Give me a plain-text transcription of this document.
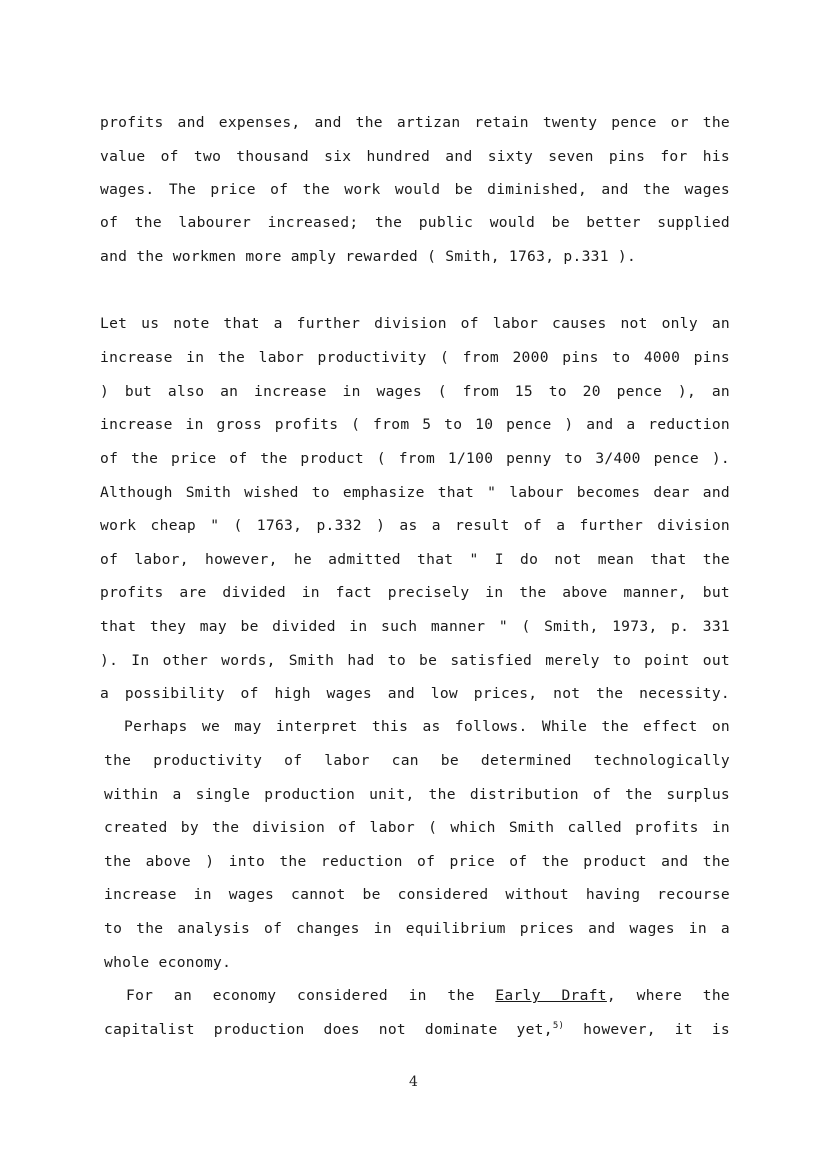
profits and expenses, and the artizan retain twenty pence or the
value of two thousand six hundred and sixty seven pins for his
wages. The price of the work would be diminished, and the wages
of the labourer increased; the public would be better supplied
and the workmen more amply rewarded ( Smith, 1763, p.331 ).
Let us note that a further division of labor causes not only an
increase in the labor productivity ( from 2000 pins to 4000 pins
) but also an increase in wages ( from 15 to 20 pence ), an
increase in gross profits ( from 5 to 10 pence ) and a reduction
of the price of the product ( from 1/100 penny to 3/400 pence ).
Although Smith wished to emphasize that " labour becomes dear and
work cheap " ( 1763, p.332 ) as a result of a further division
of labor, however, he admitted that " I do not mean that the
profits are divided in fact precisely in the above manner, but
that they may be divided in such manner " ( Smith, 1973, p. 331
). In other words, Smith had to be satisfied merely to point out
a possibility of high wages and low prices, not the necessity.
Perhaps we may interpret this as follows. While the effect on
the productivity of labor can be determined technologically
within a single production unit, the distribution of the surplus
created by the division of labor ( which Smith called profits in
the above ) into the reduction of price of the product and the
increase in wages cannot be considered without having recourse
to the analysis of changes in equilibrium prices and wages in a
whole economy.
For an economy considered in the Early Draft, where the
capitalist production does not dominate yet,$^{5)}$ however, it is
4
